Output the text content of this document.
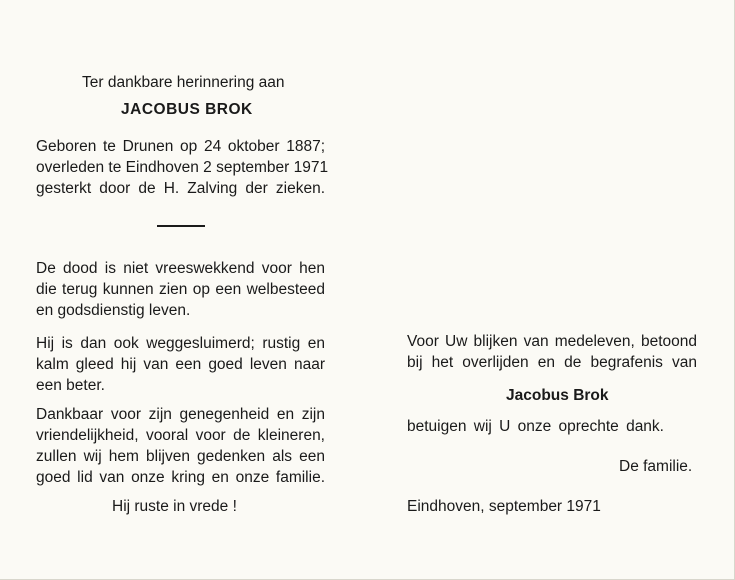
Ter dankbare herinnering aan
JACOBUS BROK
Geboren te Drunen op 24 oktober 1887;
overleden te Eindhoven 2 september 1971
gesterkt door de H. Zalving der zieken.
De dood is niet vreeswekkend voor hen
die terug kunnen zien op een welbesteed
en godsdienstig leven.
Hij is dan ook weggesluimerd; rustig en
kalm gleed hij van een goed leven naar
een beter.
Dankbaar voor zijn genegenheid en zijn
vriendelijkheid, vooral voor de kleineren,
zullen wij hem blijven gedenken als een
goed lid van onze kring en onze familie.
Hij ruste in vrede !
Voor Uw blijken van medeleven, betoond
bij het overlijden en de begrafenis van
Jacobus Brok
betuigen wij U onze oprechte dank.
De familie.
Eindhoven, september 1971
